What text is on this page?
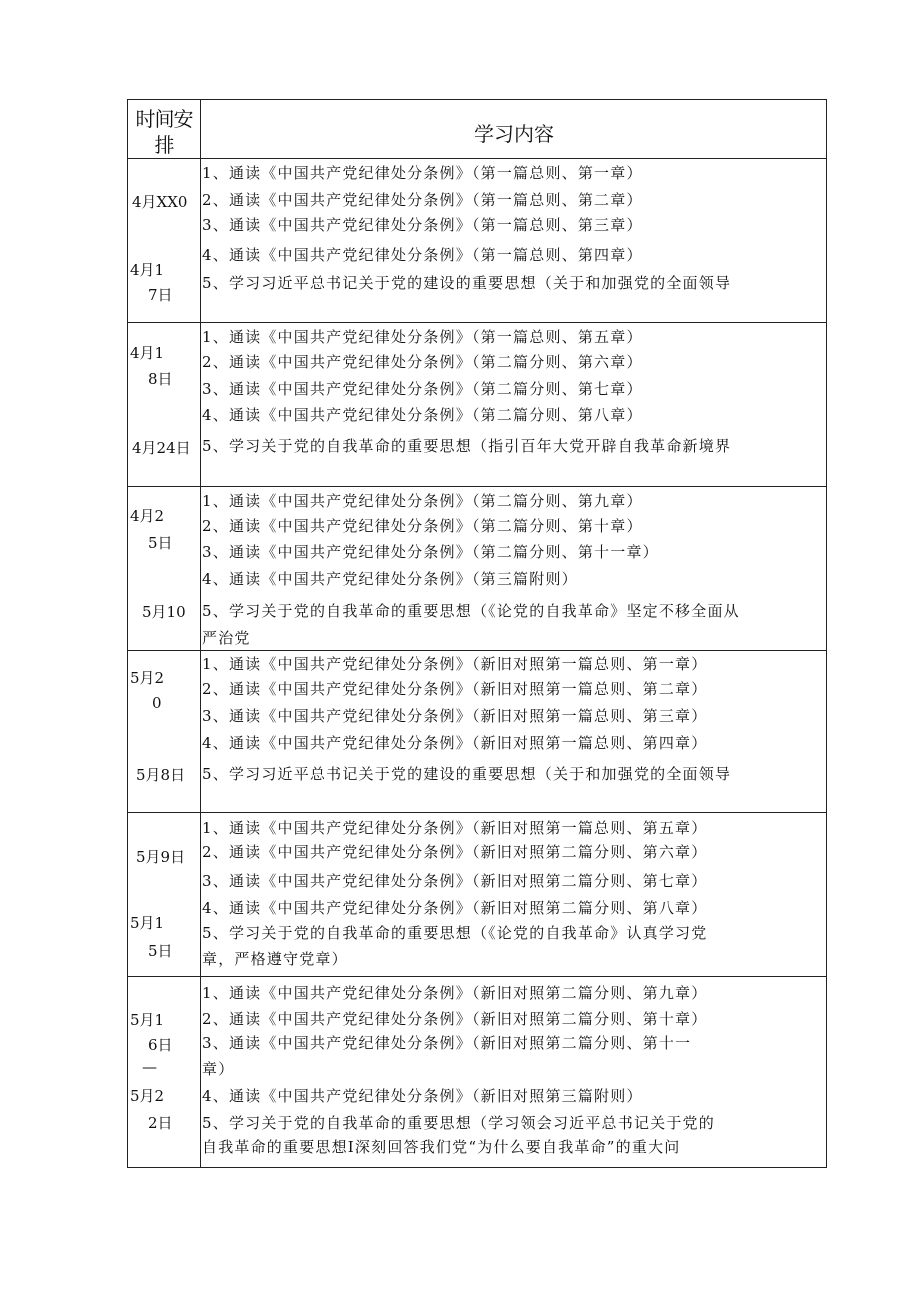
时间安排	学习内容
4月XX0
4月1
7日
1、通读《中国共产党纪律处分条例》（第一篇总则、第一章）
2、通读《中国共产党纪律处分条例》（第一篇总则、第二章）
3、通读《中国共产党纪律处分条例》（第一篇总则、第三章）
4、通读《中国共产党纪律处分条例》（第一篇总则、第四章）
5、学习习近平总书记关于党的建设的重要思想（关于和加强党的全面领导
4月1
8日
4月24日
1、通读《中国共产党纪律处分条例》（第一篇总则、第五章）
2、通读《中国共产党纪律处分条例》（第二篇分则、第六章）
3、通读《中国共产党纪律处分条例》（第二篇分则、第七章）
4、通读《中国共产党纪律处分条例》（第二篇分则、第八章）
5、学习关于党的自我革命的重要思想（指引百年大党开辟自我革命新境界
4月2
5日
5月10
1、通读《中国共产党纪律处分条例》（第二篇分则、第九章）
2、通读《中国共产党纪律处分条例》（第二篇分则、第十章）
3、通读《中国共产党纪律处分条例》（第二篇分则、第十一章）
4、通读《中国共产党纪律处分条例》（第三篇附则）
5、学习关于党的自我革命的重要思想（《论党的自我革命》坚定不移全面从
严治党
5月2
0
5月8日
1、通读《中国共产党纪律处分条例》（新旧对照第一篇总则、第一章）
2、通读《中国共产党纪律处分条例》（新旧对照第一篇总则、第二章）
3、通读《中国共产党纪律处分条例》（新旧对照第一篇总则、第三章）
4、通读《中国共产党纪律处分条例》（新旧对照第一篇总则、第四章）
5、学习习近平总书记关于党的建设的重要思想（关于和加强党的全面领导
5月9日
5月1
5日
1、通读《中国共产党纪律处分条例》（新旧对照第一篇总则、第五章）
2、通读《中国共产党纪律处分条例》（新旧对照第二篇分则、第六章）
3、通读《中国共产党纪律处分条例》（新旧对照第二篇分则、第七章）
4、通读《中国共产党纪律处分条例》（新旧对照第二篇分则、第八章）
5、学习关于党的自我革命的重要思想（《论党的自我革命》认真学习党
章，严格遵守党章）
5月1
6日
—
5月2
2日
1、通读《中国共产党纪律处分条例》（新旧对照第二篇分则、第九章）
2、通读《中国共产党纪律处分条例》（新旧对照第二篇分则、第十章）
3、通读《中国共产党纪律处分条例》（新旧对照第二篇分则、第十一
章）
4、通读《中国共产党纪律处分条例》（新旧对照第三篇附则）
5、学习关于党的自我革命的重要思想（学习领会习近平总书记关于党的
自我革命的重要思想I深刻回答我们党“为什么要自我革命”的重大问
